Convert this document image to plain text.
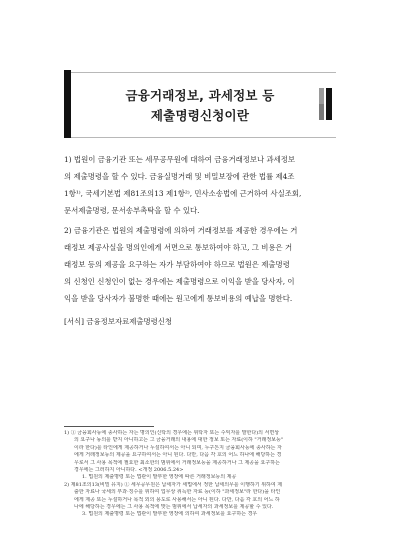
금융거래정보, 과세정보 등
제출명령신청이란
1) 법원이 금융기관 또는 세무공무원에 대하여 금융거래정보나 과세정보
의 제출명령을 할 수 있다. 금융실명거래 및 비밀보장에 관한 법률 제4조
1항¹⁾, 국세기본법 제81조의13 제1항²⁾, 민사소송법에 근거하여 사실조회,
문서제출명령, 문서송부촉탁을 할 수 있다.
2) 금융기관은 법원의 제출명령에 의하여 거래정보를 제공한 경우에는 거
래정보 제공사실을 명의인에게 서면으로 통보하여야 하고, 그 비용은 거
래정보 등의 제공을 요구하는 자가 부담하여야 하므로 법원은 제출명령
의 신청인 신청인이 없는 경우에는 제출명령으로 이익을 받을 당사자, 이
익을 받을 당사자가 불명한 때에는 원고에게 통보비용의 예납을 명한다.
[서식] 금융정보자료제출명령신청
1) ① 금융회사등에 종사하는 자는 명의인(신탁의 경우에는 위탁자 또는 수익자를 말한다)의 서면상
의 요구나 동의를 받지 아니하고는 그 금융거래의 내용에 대한 정보 또는 자료(이하 "거래정보등"
이라 한다)를 타인에게 제공하거나 누설하여서는 아니 되며, 누구든지 금융회사등에 종사하는 자
에게 거래정보등의 제공을 요구하여서는 아니 된다. 다만, 다음 각 호의 어느 하나에 해당하는 경
우로서 그 사용 목적에 필요한 최소한의 범위에서 거래정보등을 제공하거나 그 제공을 요구하는
경우에는 그러하지 아니하다. <개정 2006.5.24>
1. 법원의 제출명령 또는 법관이 발부한 영장에 따른 거래정보등의 제공
2) 제81조의13(비밀 유지) ① 세무공무원은 납세자가 세법에서 정한 납세의무를 이행하기 위하여 제
출한 자료나 국세의 부과·징수를 위하여 업무상 취득한 자료 등(이하 "과세정보"라 한다)을 타인
에게 제공 또는 누설하거나 목적 외의 용도로 사용해서는 아니 된다. 다만, 다음 각 호의 어느 하
나에 해당하는 경우에는 그 사용 목적에 맞는 범위에서 납세자의 과세정보를 제공할 수 있다.
3. 법원의 제출명령 또는 법관이 발부한 영장에 의하여 과세정보를 요구하는 경우
